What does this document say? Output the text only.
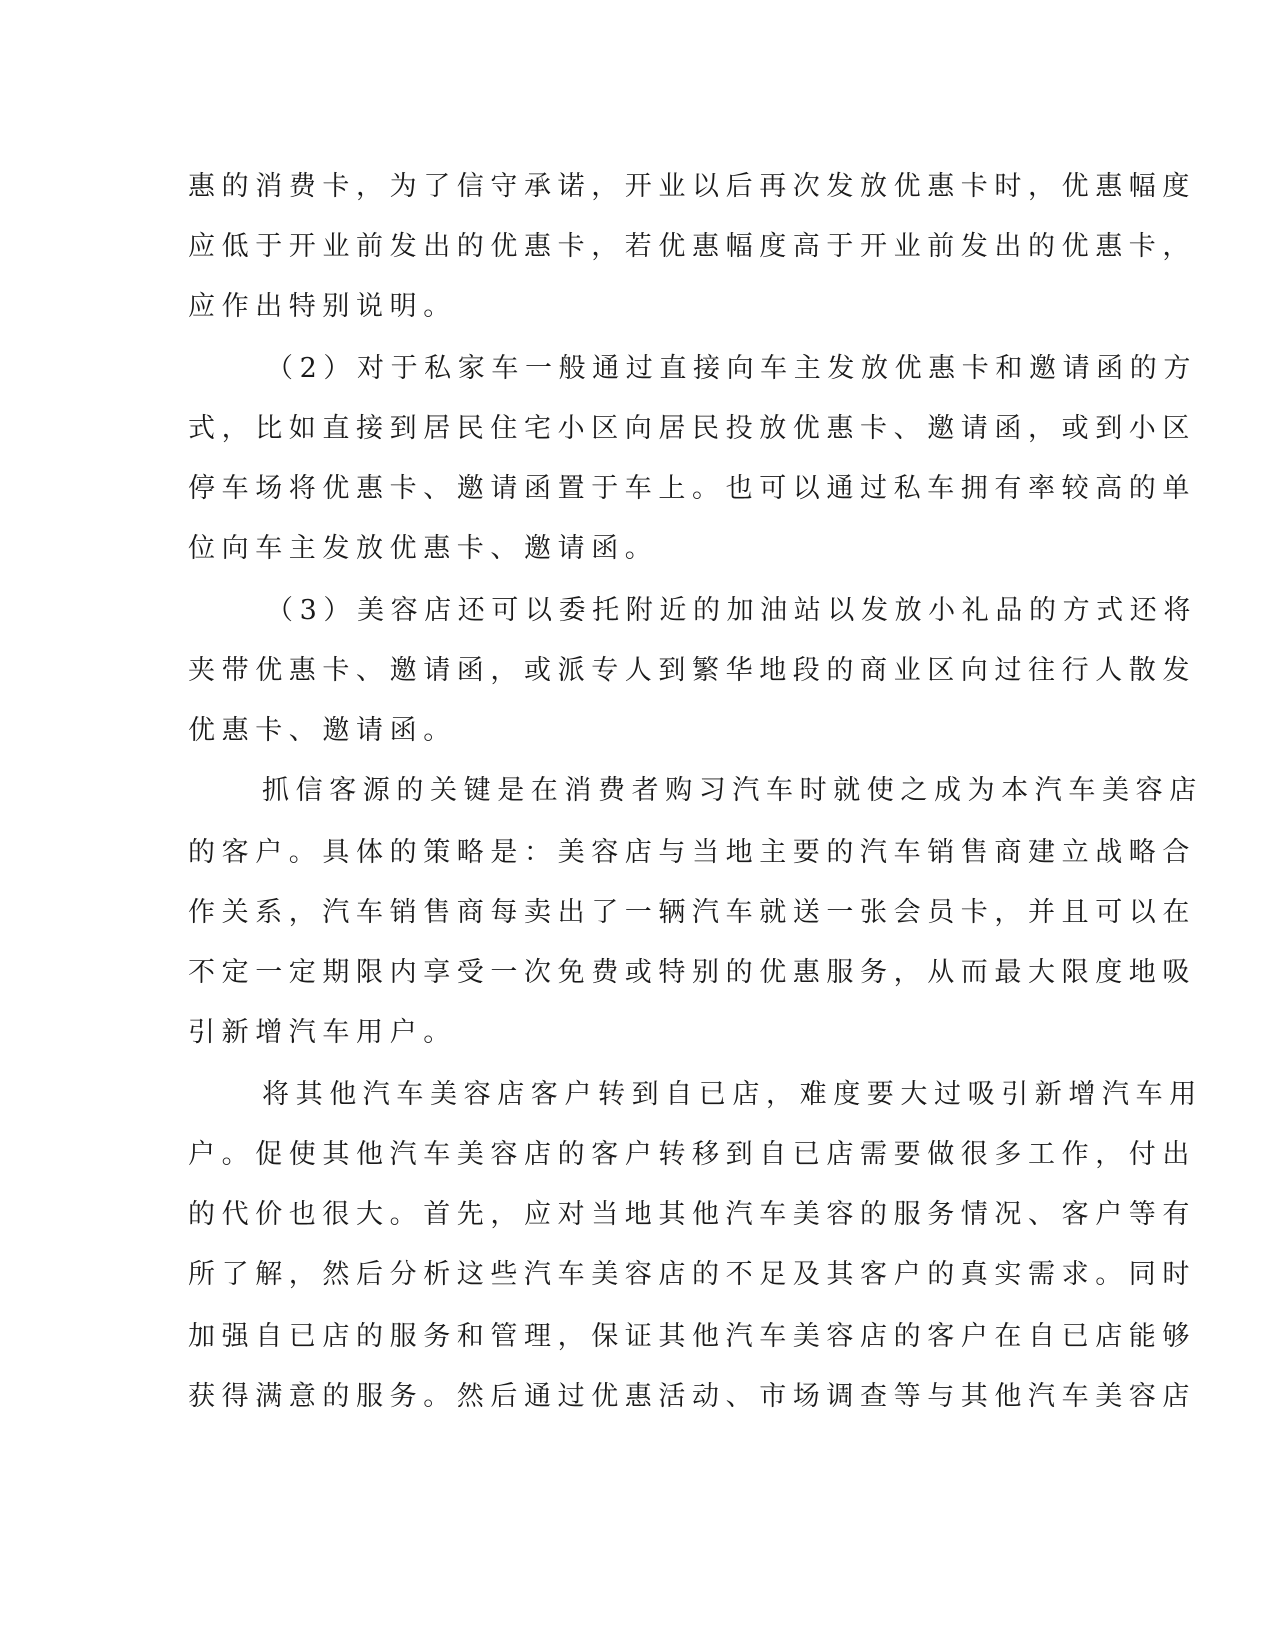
惠的消费卡，为了信守承诺，开业以后再次发放优惠卡时，优惠幅度
应低于开业前发出的优惠卡，若优惠幅度高于开业前发出的优惠卡，
应作出特别说明。
（2）对于私家车一般通过直接向车主发放优惠卡和邀请函的方
式，比如直接到居民住宅小区向居民投放优惠卡、邀请函，或到小区
停车场将优惠卡、邀请函置于车上。也可以通过私车拥有率较高的单
位向车主发放优惠卡、邀请函。
（3）美容店还可以委托附近的加油站以发放小礼品的方式还将
夹带优惠卡、邀请函，或派专人到繁华地段的商业区向过往行人散发
优惠卡、邀请函。
抓信客源的关键是在消费者购习汽车时就使之成为本汽车美容店
的客户。具体的策略是：美容店与当地主要的汽车销售商建立战略合
作关系，汽车销售商每卖出了一辆汽车就送一张会员卡，并且可以在
不定一定期限内享受一次免费或特别的优惠服务，从而最大限度地吸
引新增汽车用户。
将其他汽车美容店客户转到自已店，难度要大过吸引新增汽车用
户。促使其他汽车美容店的客户转移到自已店需要做很多工作，付出
的代价也很大。首先，应对当地其他汽车美容的服务情况、客户等有
所了解，然后分析这些汽车美容店的不足及其客户的真实需求。同时
加强自已店的服务和管理，保证其他汽车美容店的客户在自已店能够
获得满意的服务。然后通过优惠活动、市场调查等与其他汽车美容店
